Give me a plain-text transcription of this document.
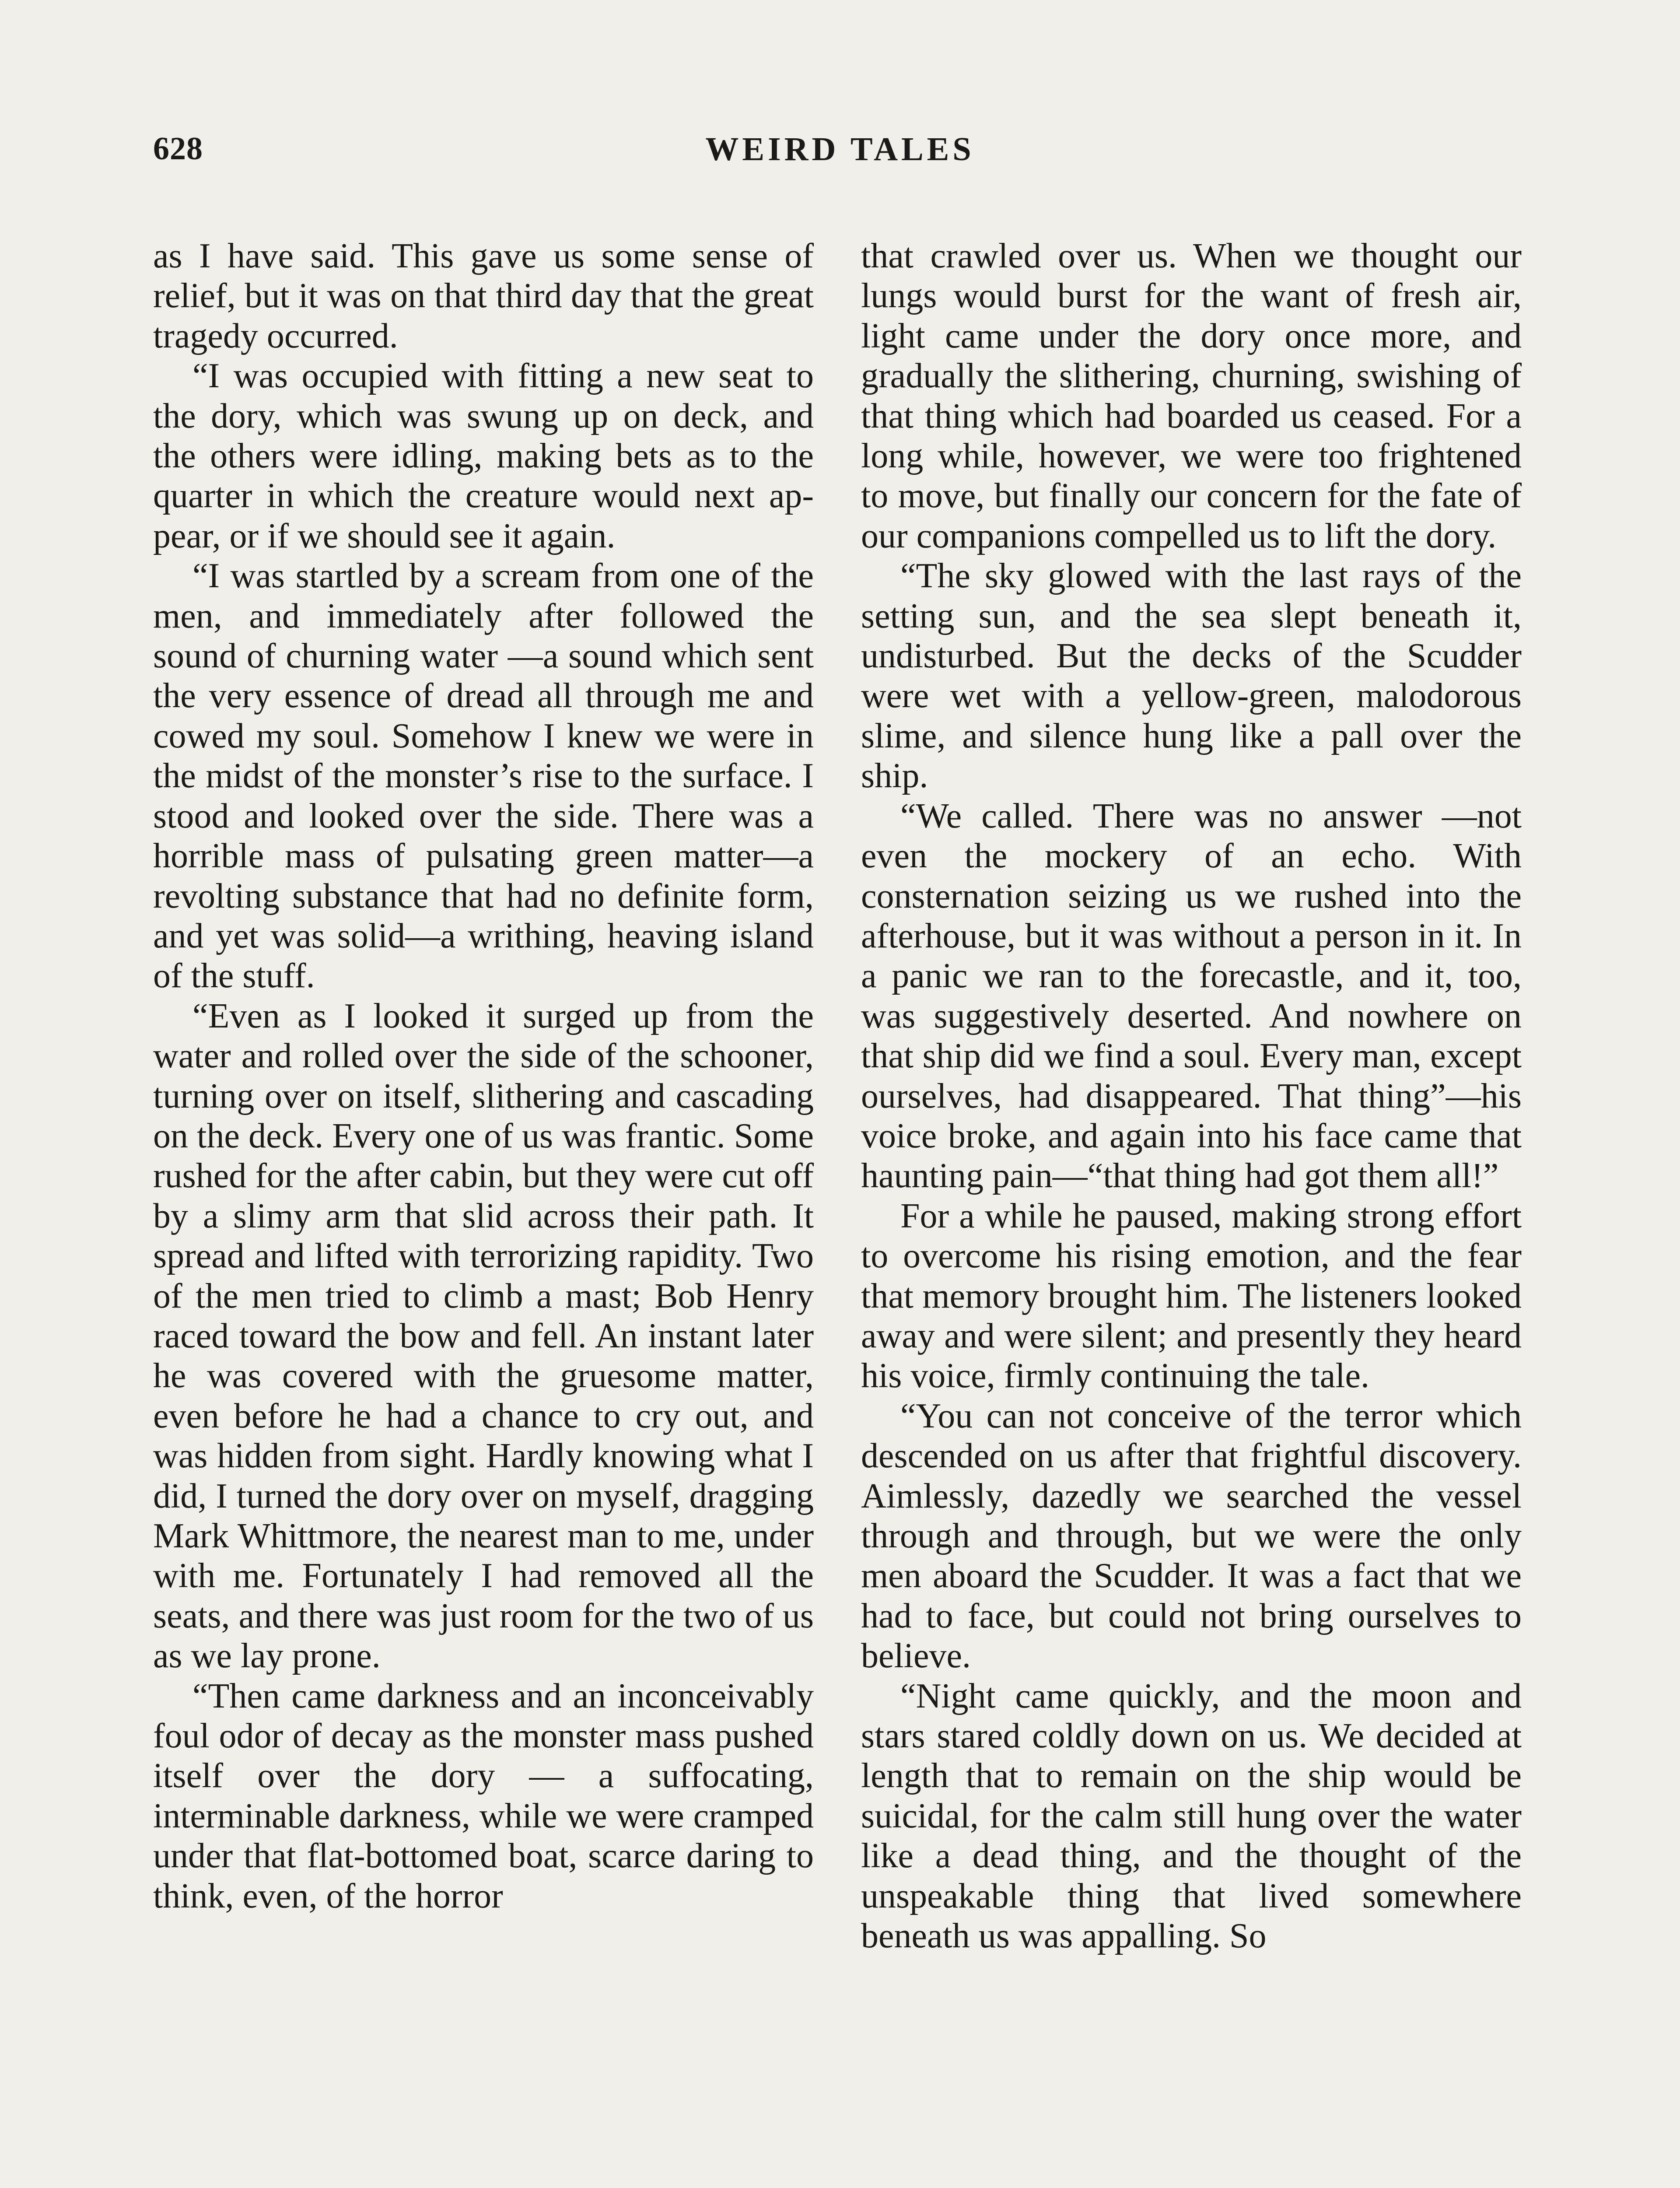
628	WEIRD TALES

as I have said. This gave us some sense of relief, but it was on that third day that the great tragedy occurred.

“I was occupied with fitting a new seat to the dory, which was swung up on deck, and the others were idling, making bets as to the quarter in which the creature would next appear, or if we should see it again.

“I was startled by a scream from one of the men, and immediately after followed the sound of churning water —a sound which sent the very essence of dread all through me and cowed my soul. Somehow I knew we were in the midst of the monster’s rise to the surface. I stood and looked over the side. There was a horrible mass of pulsating green matter—a revolting substance that had no definite form, and yet was solid—a writhing, heaving island of the stuff.

“Even as I looked it surged up from the water and rolled over the side of the schooner, turning over on itself, slithering and cascading on the deck. Every one of us was frantic. Some rushed for the after cabin, but they were cut off by a slimy arm that slid across their path. It spread and lifted with terrorizing rapidity. Two of the men tried to climb a mast; Bob Henry raced toward the bow and fell. An instant later he was covered with the gruesome matter, even before he had a chance to cry out, and was hidden from sight. Hardly knowing what I did, I turned the dory over on myself, dragging Mark Whittmore, the nearest man to me, under with me. Fortunately I had removed all the seats, and there was just room for the two of us as we lay prone.

“Then came darkness and an inconceivably foul odor of decay as the monster mass pushed itself over the dory — a suffocating, interminable darkness, while we were cramped under that flat-bottomed boat, scarce daring to think, even, of the horror

that crawled over us. When we thought our lungs would burst for the want of fresh air, light came under the dory once more, and gradually the slithering, churning, swishing of that thing which had boarded us ceased. For a long while, however, we were too frightened to move, but finally our concern for the fate of our companions compelled us to lift the dory.

“The sky glowed with the last rays of the setting sun, and the sea slept beneath it, undisturbed. But the decks of the Scudder were wet with a yellow-green, malodorous slime, and silence hung like a pall over the ship.

“We called. There was no answer —not even the mockery of an echo. With consternation seizing us we rushed into the afterhouse, but it was without a person in it. In a panic we ran to the forecastle, and it, too, was suggestively deserted. And nowhere on that ship did we find a soul. Every man, except ourselves, had disappeared. That thing”—his voice broke, and again into his face came that haunting pain—“that thing had got them all!”

For a while he paused, making strong effort to overcome his rising emotion, and the fear that memory brought him. The listeners looked away and were silent; and presently they heard his voice, firmly continuing the tale.

“You can not conceive of the terror which descended on us after that frightful discovery. Aimlessly, dazedly we searched the vessel through and through, but we were the only men aboard the Scudder. It was a fact that we had to face, but could not bring ourselves to believe.

“Night came quickly, and the moon and stars stared coldly down on us. We decided at length that to remain on the ship would be suicidal, for the calm still hung over the water like a dead thing, and the thought of the unspeakable thing that lived somewhere beneath us was appalling. So
